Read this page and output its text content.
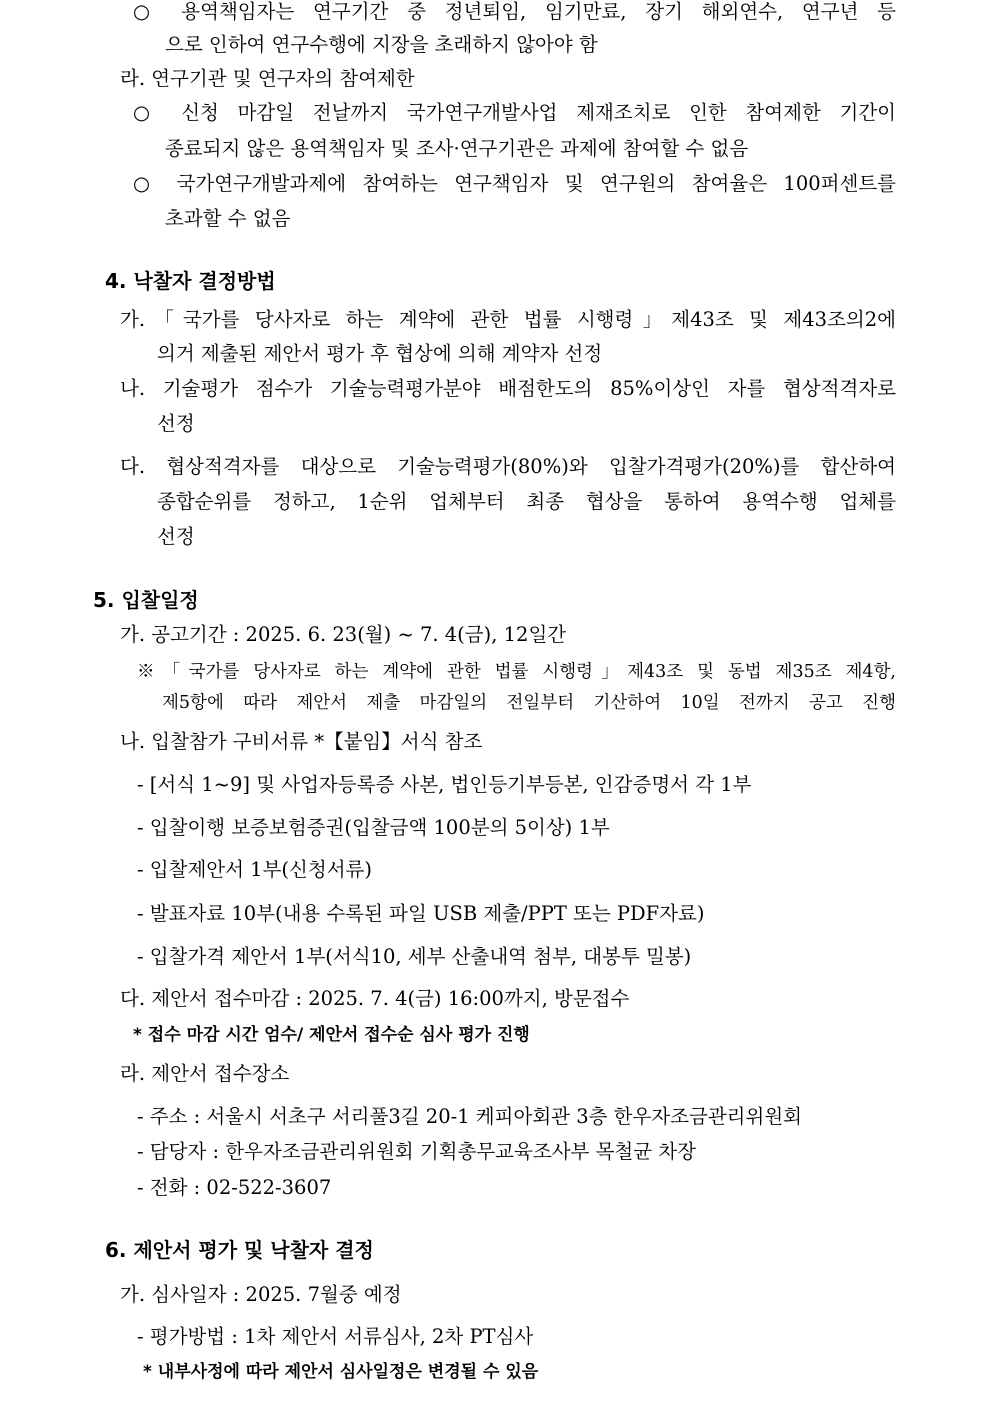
○ 용역책임자는 연구기간 중 정년퇴임, 임기만료, 장기 해외연수, 연구년 등
으로 인하여 연구수행에 지장을 초래하지 않아야 함
라. 연구기관 및 연구자의 참여제한
○ 신청 마감일 전날까지 국가연구개발사업 제재조치로 인한 참여제한 기간이
종료되지 않은 용역책임자 및 조사·연구기관은 과제에 참여할 수 없음
○ 국가연구개발과제에 참여하는 연구책임자 및 연구원의 참여율은 100퍼센트를
초과할 수 없음
4. 낙찰자 결정방법
가.「국가를 당사자로 하는 계약에 관한 법률 시행령」제43조 및 제43조의2에
의거 제출된 제안서 평가 후 협상에 의해 계약자 선정
나. 기술평가 점수가 기술능력평가분야 배점한도의 85%이상인 자를 협상적격자로
선정
다. 협상적격자를 대상으로 기술능력평가(80%)와 입찰가격평가(20%)를 합산하여
종합순위를 정하고, 1순위 업체부터 최종 협상을 통하여 용역수행 업체를
선정
5. 입찰일정
가. 공고기간 : 2025. 6. 23(월) ~ 7. 4(금), 12일간
※「국가를 당사자로 하는 계약에 관한 법률 시행령」제43조 및 동법 제35조 제4항,
제5항에 따라 제안서 제출 마감일의 전일부터 기산하여 10일 전까지 공고 진행
나. 입찰참가 구비서류 *【붙임】서식 참조
- [서식 1~9] 및 사업자등록증 사본, 법인등기부등본, 인감증명서 각 1부
- 입찰이행 보증보험증권(입찰금액 100분의 5이상) 1부
- 입찰제안서 1부(신청서류)
- 발표자료 10부(내용 수록된 파일 USB 제출/PPT 또는 PDF자료)
- 입찰가격 제안서 1부(서식10, 세부 산출내역 첨부, 대봉투 밀봉)
다. 제안서 접수마감 : 2025. 7. 4(금) 16:00까지, 방문접수
* 접수 마감 시간 엄수/ 제안서 접수순 심사 평가 진행
라. 제안서 접수장소
- 주소 : 서울시 서초구 서리풀3길 20-1 케피아회관 3층 한우자조금관리위원회
- 담당자 : 한우자조금관리위원회 기획총무교육조사부 목철균 차장
- 전화 : 02-522-3607
6. 제안서 평가 및 낙찰자 결정
가. 심사일자 : 2025. 7월중 예정
- 평가방법 : 1차 제안서 서류심사, 2차 PT심사
* 내부사정에 따라 제안서 심사일정은 변경될 수 있음
